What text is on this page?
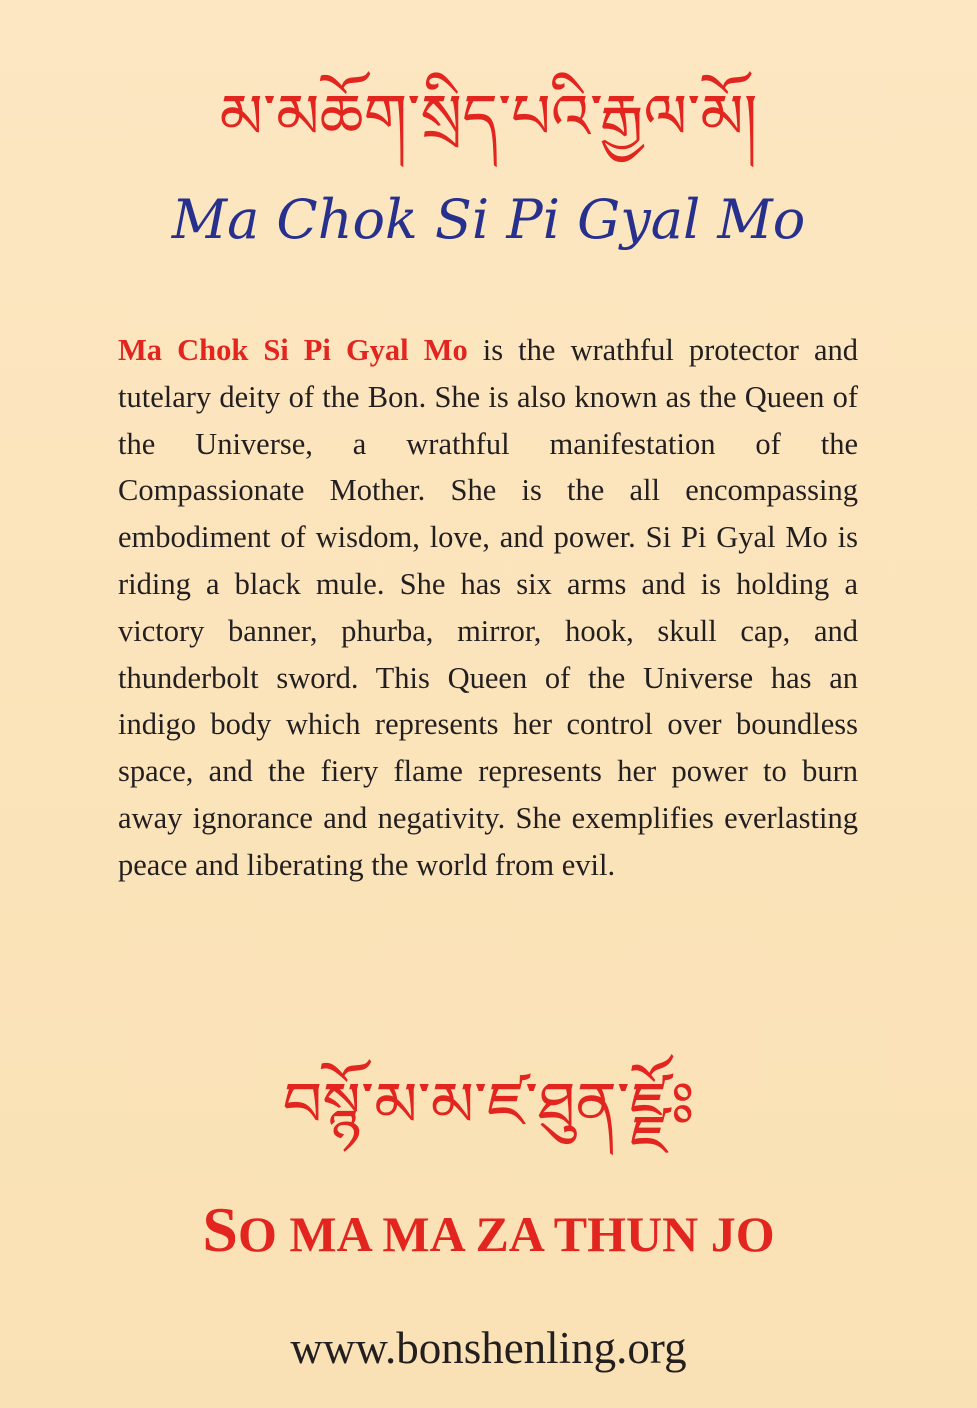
མ་མཆོག་སྲིད་པའི་རྒྱལ་མོ།
Ma Chok Si Pi Gyal Mo

Ma Chok Si Pi Gyal Mo is the wrathful protector and tutelary deity of the Bon. She is also known as the Queen of the Universe, a wrathful manifestation of the Compassionate Mother. She is the all encompassing embodiment of wisdom, love, and power. Si Pi Gyal Mo is riding a black mule. She has six arms and is holding a victory banner, phurba, mirror, hook, skull cap, and thunderbolt sword. This Queen of the Universe has an indigo body which represents her control over boundless space, and the fiery flame represents her power to burn away ignorance and negativity. She exemplifies everlasting peace and liberating the world from evil.

བསྙོ་མ་མ་ཛ་ཐུན་ཛྫོཿ
SO MA MA ZA THUN JO
www.bonshenling.org
